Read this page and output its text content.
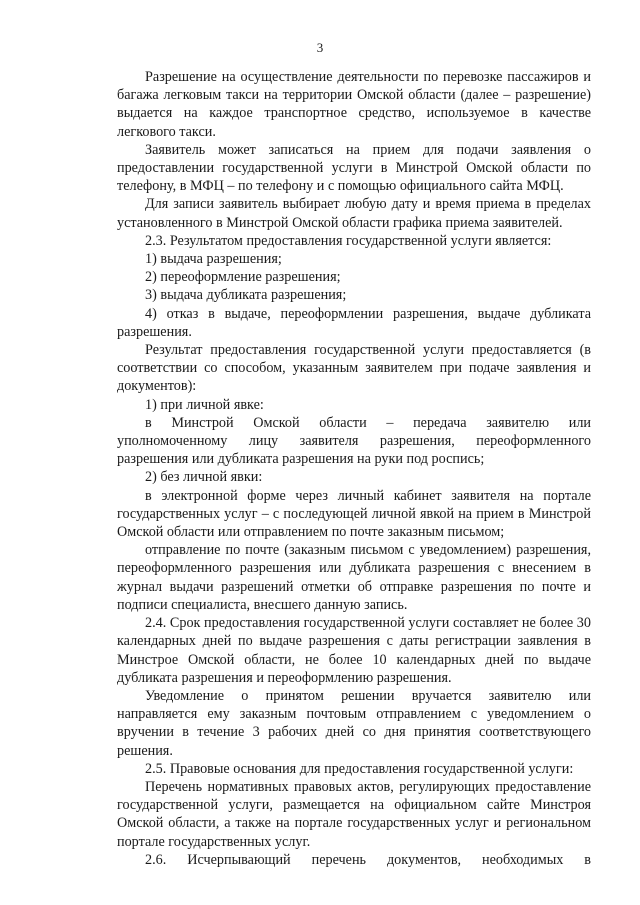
3

Разрешение на осуществление деятельности по перевозке пассажиров и багажа легковым такси на территории Омской области (далее – разрешение) выдается на каждое транспортное средство, используемое в качестве легкового такси.

Заявитель может записаться на прием для подачи заявления о предоставлении государственной услуги в Минстрой Омской области по телефону, в МФЦ – по телефону и с помощью официального сайта МФЦ.

Для записи заявитель выбирает любую дату и время приема в пределах установленного в Минстрой Омской области графика приема заявителей.

2.3. Результатом предоставления государственной услуги является:

1) выдача разрешения;

2) переоформление разрешения;

3) выдача дубликата разрешения;

4) отказ в выдаче, переоформлении разрешения, выдаче дубликата разрешения.

Результат предоставления государственной услуги предоставляется (в соответствии со способом, указанным заявителем при подаче заявления и документов):

1) при личной явке:

в Минстрой Омской области – передача заявителю или уполномоченному лицу заявителя разрешения, переоформленного разрешения или дубликата разрешения на руки под роспись;

2) без личной явки:

в электронной форме через личный кабинет заявителя на портале государственных услуг – с последующей личной явкой на прием в Минстрой Омской области или отправлением по почте заказным письмом;

отправление по почте (заказным письмом с уведомлением) разрешения, переоформленного разрешения или дубликата разрешения с внесением в журнал выдачи разрешений отметки об отправке разрешения по почте и подписи специалиста, внесшего данную запись.

2.4. Срок предоставления государственной услуги составляет не более 30 календарных дней по выдаче разрешения с даты регистрации заявления в Минстрое Омской области, не более 10 календарных дней по выдаче дубликата разрешения и переоформлению разрешения.

Уведомление о принятом решении вручается заявителю или направляется ему заказным почтовым отправлением с уведомлением о вручении в течение 3 рабочих дней со дня принятия соответствующего решения.

2.5. Правовые основания для предоставления государственной услуги:

Перечень нормативных правовых актов, регулирующих предоставление государственной услуги, размещается на официальном сайте Минстроя Омской области, а также на портале государственных услуг и региональном портале государственных услуг.

2.6. Исчерпывающий перечень документов, необходимых в
